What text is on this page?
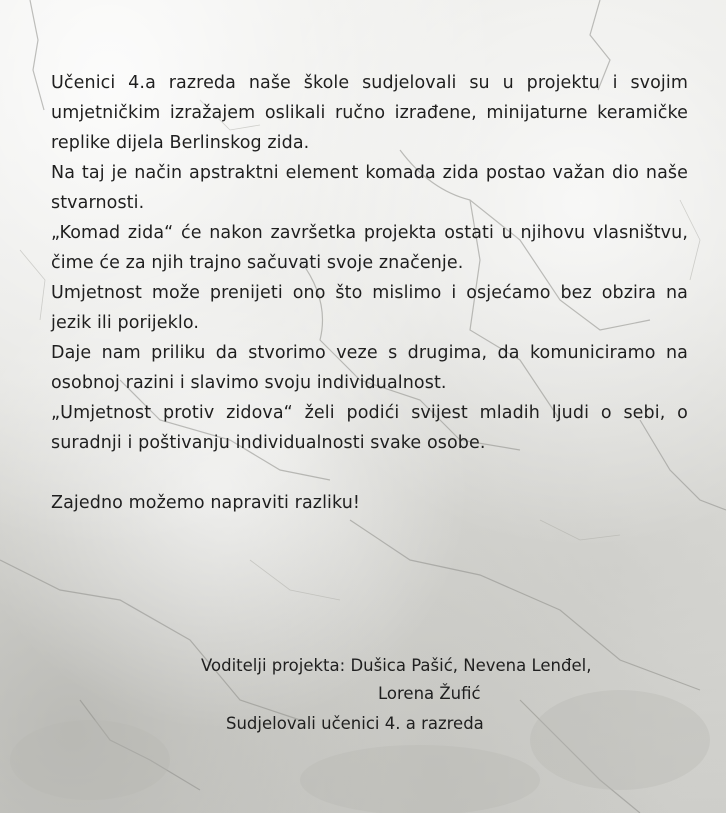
Učenici 4.a razreda naše škole sudjelovali su u projektu i svojim umjetničkim izražajem oslikali ručno izrađene, minijaturne keramičke replike dijela Berlinskog zida.

Na taj je način apstraktni element komada zida postao važan dio naše stvarnosti.

„Komad zida“ će nakon završetka projekta ostati u njihovu vlasništvu, čime će za njih trajno sačuvati svoje značenje.

Umjetnost može prenijeti ono što mislimo i osjećamo bez obzira na jezik ili porijeklo.

Daje nam priliku da stvorimo veze s drugima, da komuniciramo na osobnoj razini i slavimo svoju individualnost.

„Umjetnost protiv zidova“ želi podići svijest mladih ljudi o sebi, o suradnji i poštivanju individualnosti svake osobe.

Zajedno možemo napraviti razliku!

Voditelji projekta: Dušica Pašić, Nevena Lenđel,
Lorena Žufić
Sudjelovali učenici 4. a razreda
